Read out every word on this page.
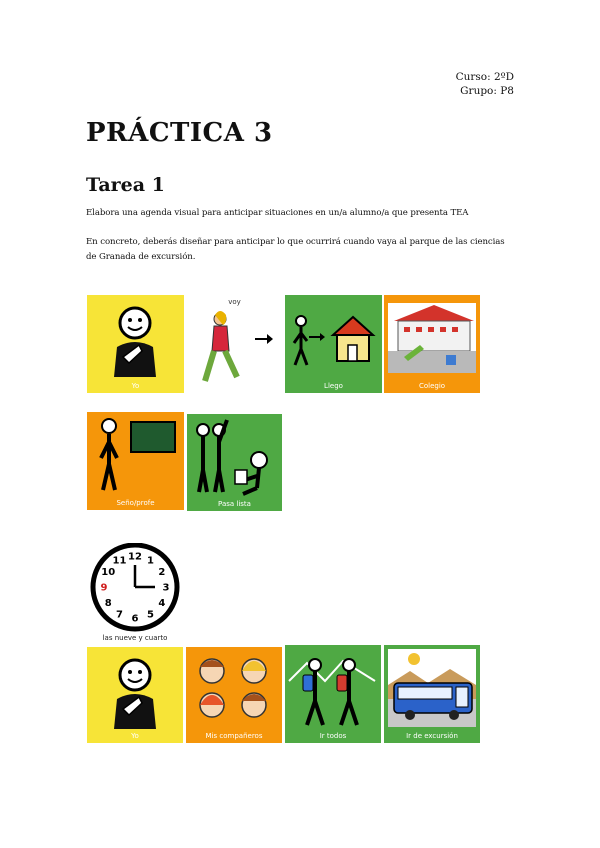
Curso: 2ºD
Grupo: P8
PRÁCTICA 3
Tarea 1
Elabora una agenda visual para anticipar situaciones en un/a alumno/a que presenta TEA
En concreto, deberás diseñar para anticipar lo que ocurrirá cuando vaya al parque de las ciencias de Granada de excursión.
Yo
voy
Llego	Colegio
Seño/profe	Pasa lista
12 1
2
3
4
5
6
7
8
9
10
11
las nueve y cuarto
Yo	Mis compañeros	Ir todos	Ir de excursión
